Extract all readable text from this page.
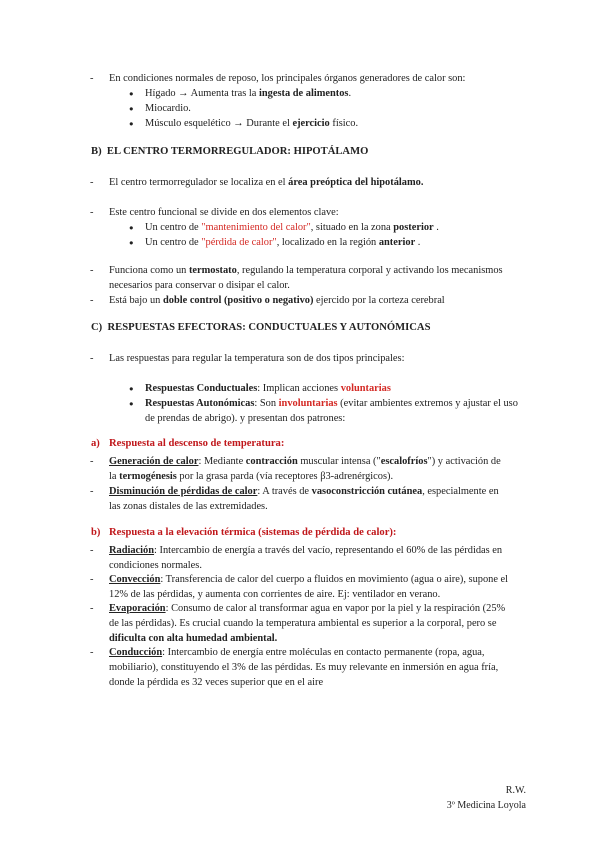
- En condiciones normales de reposo, los principales órganos generadores de calor son:
● Hígado → Aumenta tras la ingesta de alimentos.
● Miocardio.
● Músculo esquelético → Durante el ejercicio físico.
B) EL CENTRO TERMORREGULADOR: HIPOTÁLAMO
- El centro termorregulador se localiza en el área preóptica del hipotálamo.
- Este centro funcional se divide en dos elementos clave:
● Un centro de "mantenimiento del calor", situado en la zona posterior .
● Un centro de "pérdida de calor", localizado en la región anterior .
- Funciona como un termostato, regulando la temperatura corporal y activando los mecanismos necesarios para conservar o disipar el calor.
- Está bajo un doble control (positivo o negativo) ejercido por la corteza cerebral
C) RESPUESTAS EFECTORAS: CONDUCTUALES Y AUTONÓMICAS
- Las respuestas para regular la temperatura son de dos tipos principales:
● Respuestas Conductuales: Implican acciones voluntarias
● Respuestas Autonómicas: Son involuntarias (evitar ambientes extremos y ajustar el uso de prendas de abrigo). y presentan dos patrones:
a) Respuesta al descenso de temperatura:
- Generación de calor: Mediante contracción muscular intensa ("escalofríos") y activación de la termogénesis por la grasa parda (vía receptores β3-adrenérgicos).
- Disminución de pérdidas de calor: A través de vasoconstricción cutánea, especialmente en las zonas distales de las extremidades.
b) Respuesta a la elevación térmica (sistemas de pérdida de calor):
- Radiación: Intercambio de energía a través del vacío, representando el 60% de las pérdidas en condiciones normales.
- Convección: Transferencia de calor del cuerpo a fluidos en movimiento (agua o aire), supone el 12% de las pérdidas, y aumenta con corrientes de aire. Ej: ventilador en verano.
- Evaporación: Consumo de calor al transformar agua en vapor por la piel y la respiración (25% de las pérdidas). Es crucial cuando la temperatura ambiental es superior a la corporal, pero se dificulta con alta humedad ambiental.
- Conducción: Intercambio de energía entre moléculas en contacto permanente (ropa, agua, mobiliario), constituyendo el 3% de las pérdidas. Es muy relevante en inmersión en agua fría, donde la pérdida es 32 veces superior que en el aire
R.W.
3º Medicina Loyola
